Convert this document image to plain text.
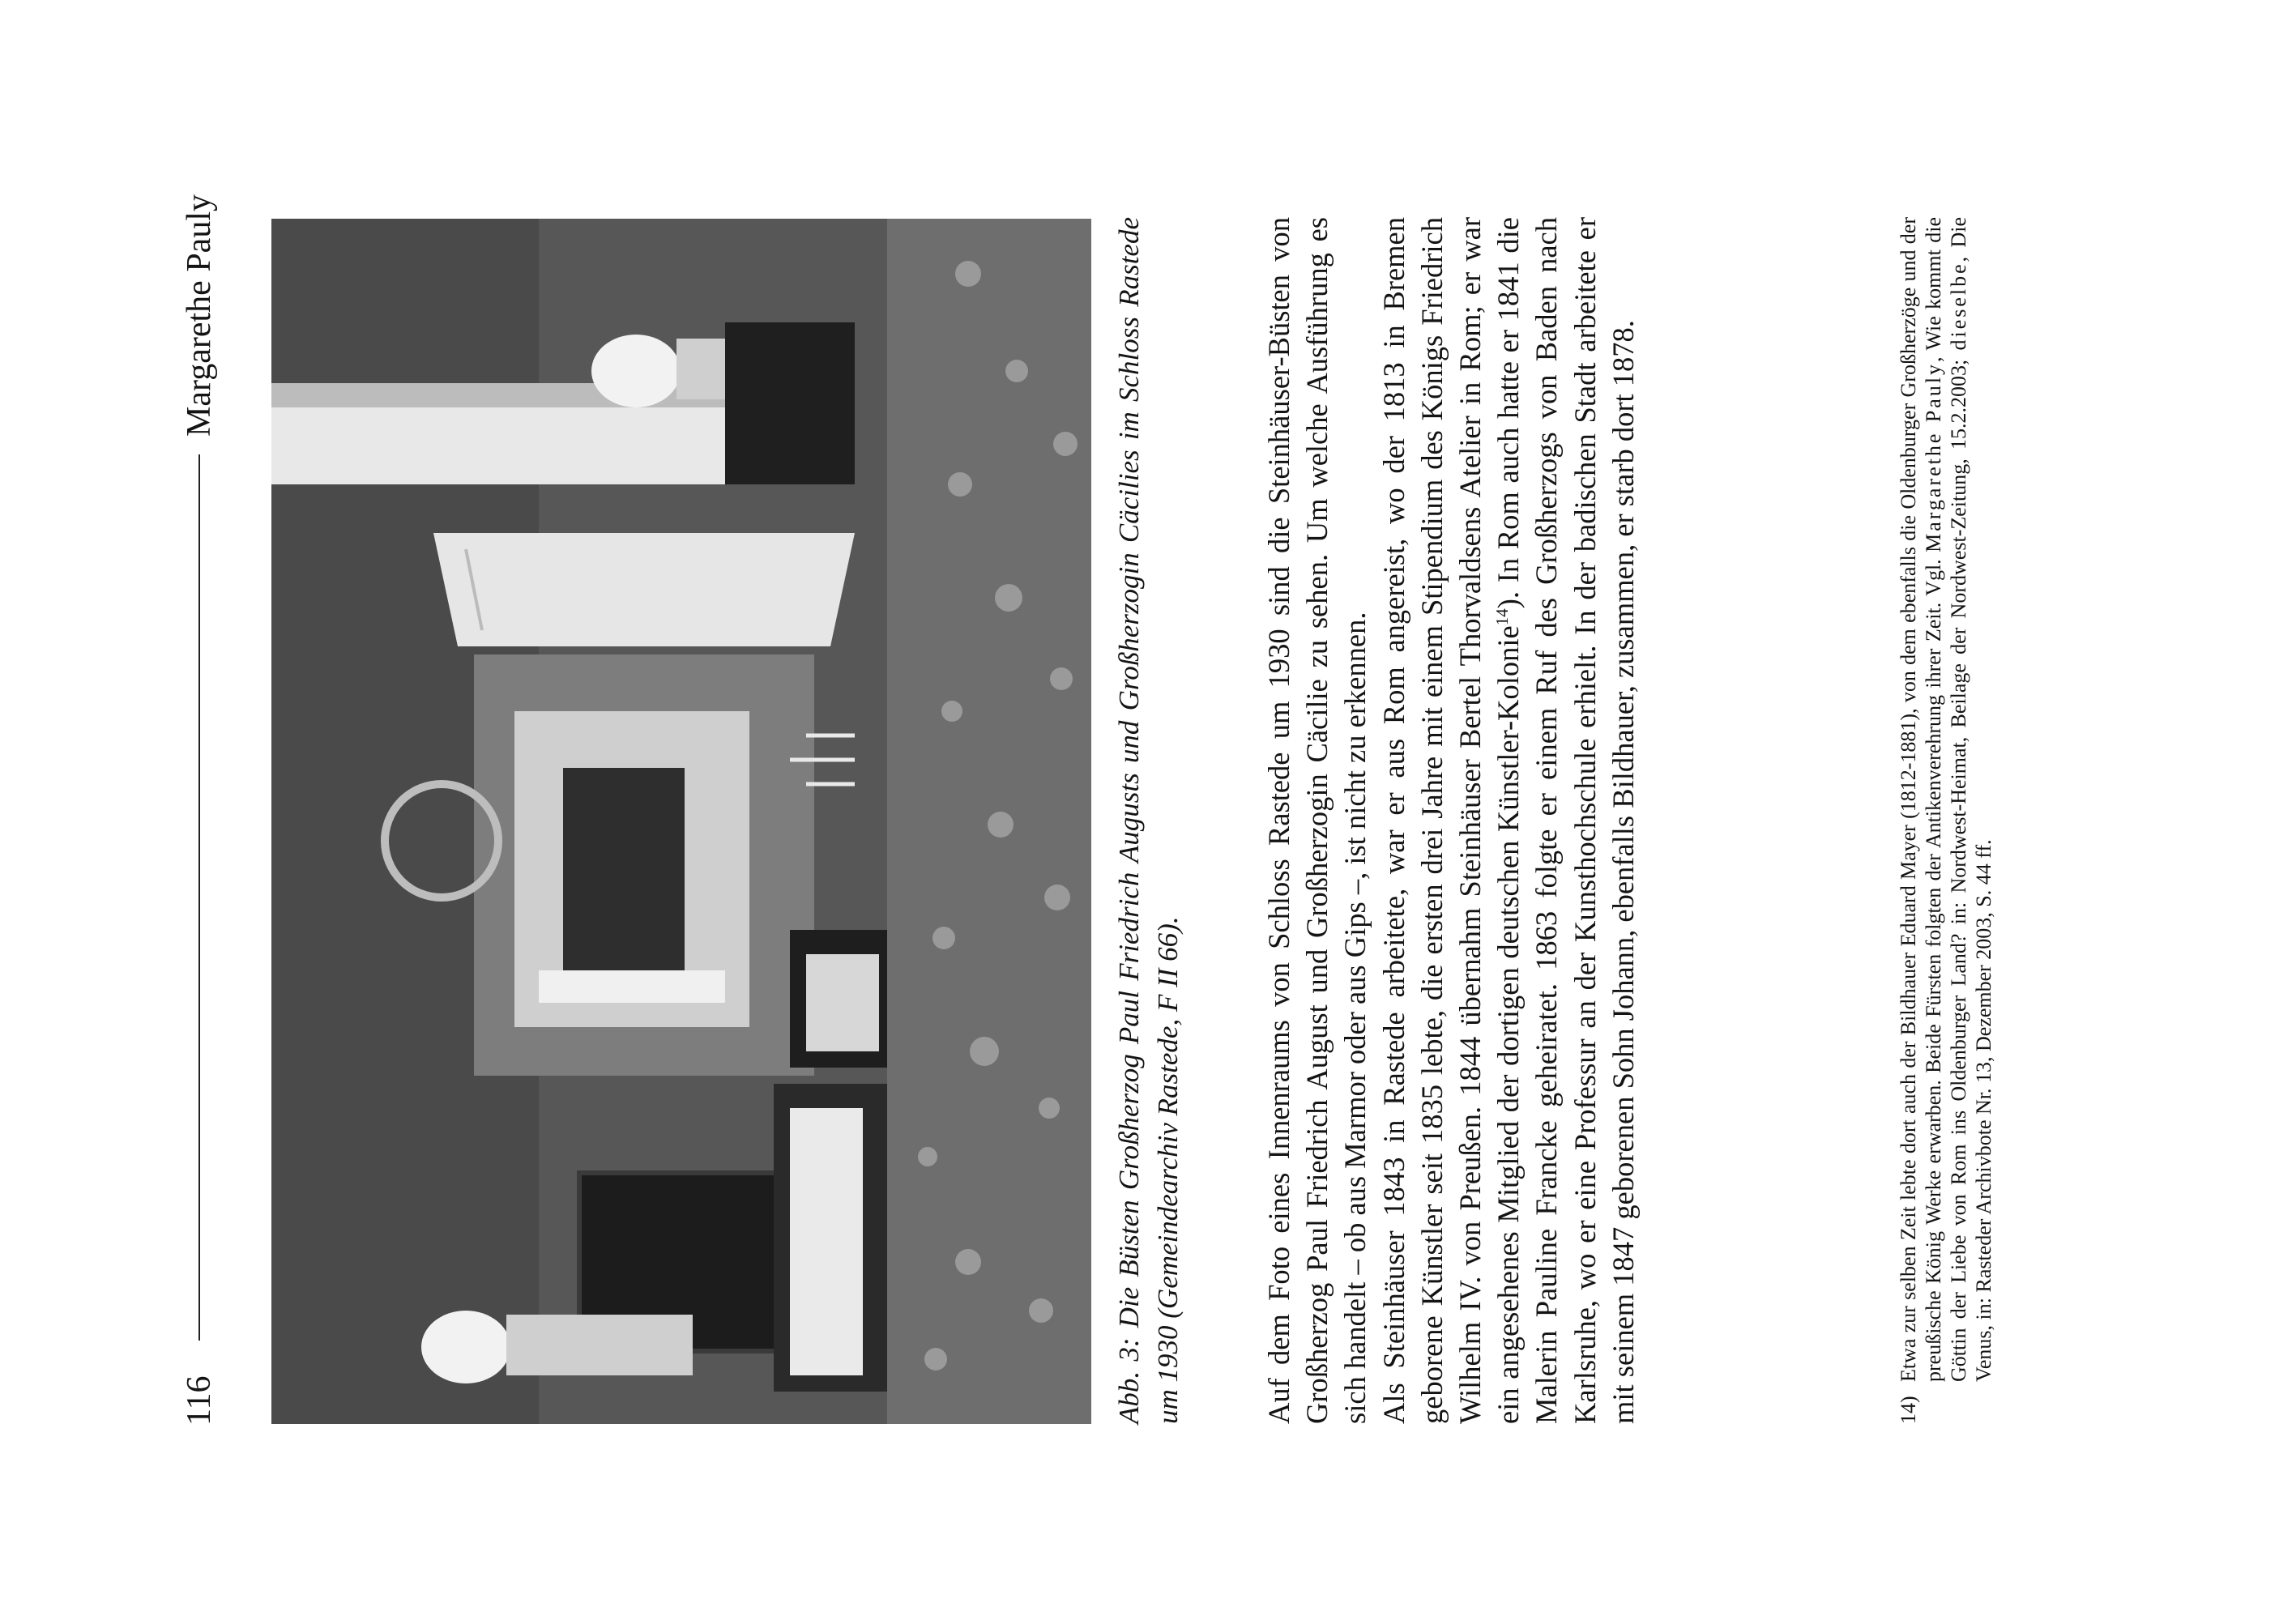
116
Margarethe Pauly	Abb. 3: Die Büsten Großherzog Paul Friedrich Augusts und Großherzogin Cäcilies im Schloss Rastede um 1930 (Gemeindearchiv Rastede, F II 66).	Auf dem Foto eines Innenraums von Schloss Rastede um 1930 sind die Steinhäuser-Büsten von Großherzog Paul Friedrich August und Großherzogin Cäcilie zu sehen. Um welche Ausführung es sich handelt – ob aus Marmor oder aus Gips –, ist nicht zu erkennen. Als Steinhäuser 1843 in Rastede arbeitete, war er aus Rom angereist, wo der 1813 in Bremen geborene Künstler seit 1835 lebte, die ersten drei Jahre mit einem Stipendium des Königs Friedrich Wilhelm IV. von Preußen. 1844 übernahm Steinhäuser Bertel Thorvaldsens Atelier in Rom; er war ein angesehenes Mitglied der dortigen deutschen Künstler-Kolonie$^{14}$). In Rom auch hatte er 1841 die Malerin Pauline Francke geheiratet. 1863 folgte er einem Ruf des Großherzogs von Baden nach Karlsruhe, wo er eine Professur an der Kunsthochschule erhielt. In der badischen Stadt arbeitete er mit seinem 1847 geborenen Sohn Johann, ebenfalls Bildhauer, zusammen, er starb dort 1878.	14)
Etwa zur selben Zeit lebte dort auch der Bildhauer Eduard Mayer (1812-1881), von dem ebenfalls die Oldenburger Großherzöge und der preußische König Werke erwarben. Beide Fürsten folgten der Antikenverehrung ihrer Zeit. Vgl. Margarethe Pauly, Wie kommt die Göttin der Liebe von Rom ins Oldenburger Land? in: Nordwest-Heimat, Beilage der Nordwest-Zeitung, 15.2.2003; dieselbe, Die Venus, in: Rasteder Archivbote Nr. 13, Dezember 2003, S. 44 ff.
